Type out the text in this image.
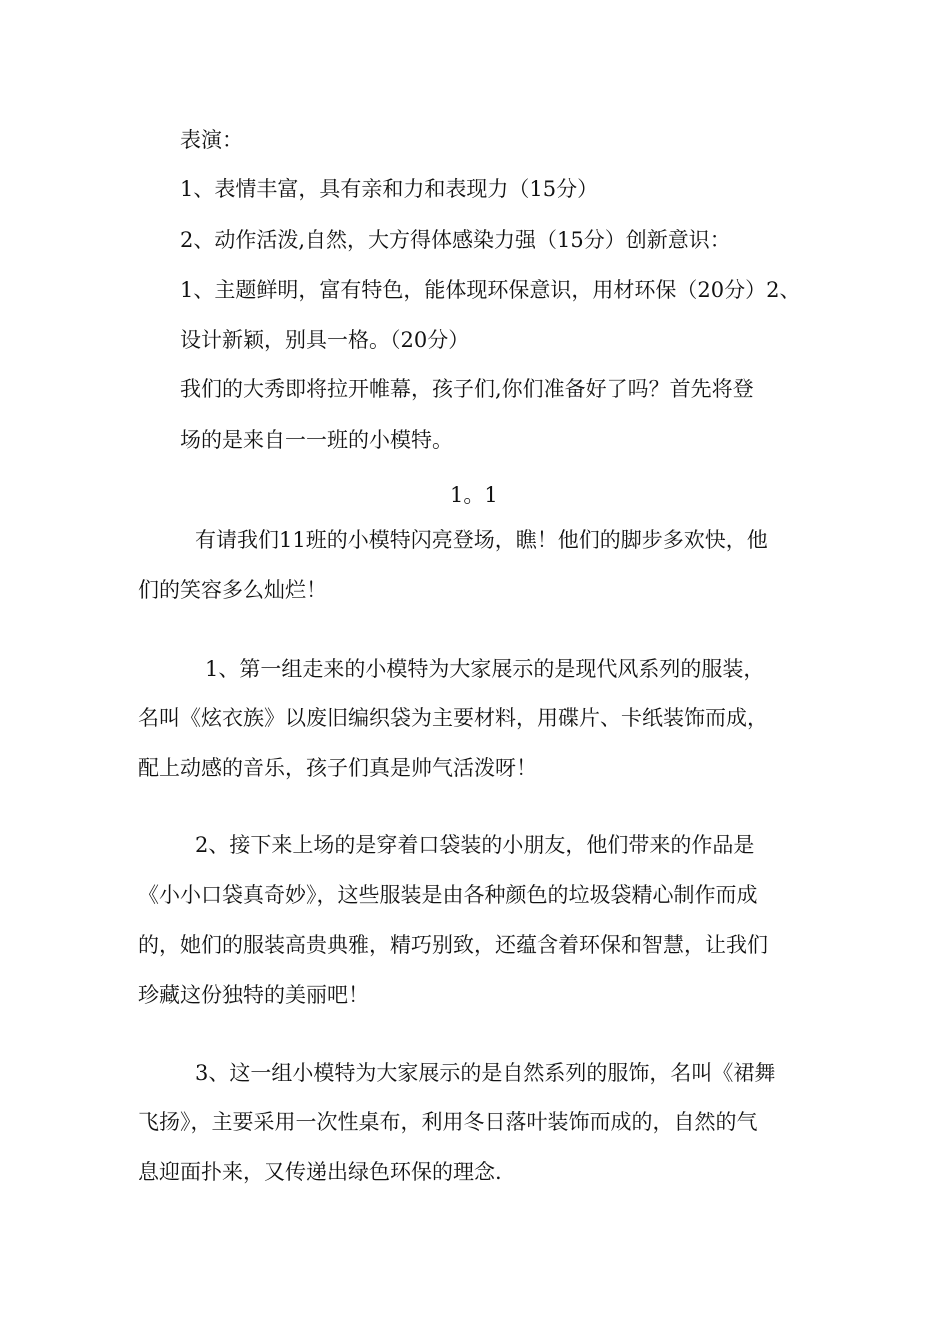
表演：

1、表情丰富，具有亲和力和表现力（15分）

2、动作活泼,自然，大方得体感染力强（15分）创新意识：

1、主题鲜明，富有特色，能体现环保意识，用材环保（20分）2、

设计新颖，别具一格。（20分）

我们的大秀即将拉开帷幕，孩子们,你们准备好了吗？首先将登

场的是来自一一班的小模特。

1。1

有请我们11班的小模特闪亮登场，瞧！他们的脚步多欢快，他

们的笑容多么灿烂！

1、第一组走来的小模特为大家展示的是现代风系列的服装，

名叫《炫衣族》以废旧编织袋为主要材料，用碟片、卡纸装饰而成，

配上动感的音乐，孩子们真是帅气活泼呀！

2、接下来上场的是穿着口袋装的小朋友，他们带来的作品是

《小小口袋真奇妙》，这些服装是由各种颜色的垃圾袋精心制作而成

的，她们的服装高贵典雅，精巧别致，还蕴含着环保和智慧，让我们

珍藏这份独特的美丽吧！

3、这一组小模特为大家展示的是自然系列的服饰，名叫《裙舞

飞扬》，主要采用一次性桌布，利用冬日落叶装饰而成的，自然的气

息迎面扑来，又传递出绿色环保的理念.
